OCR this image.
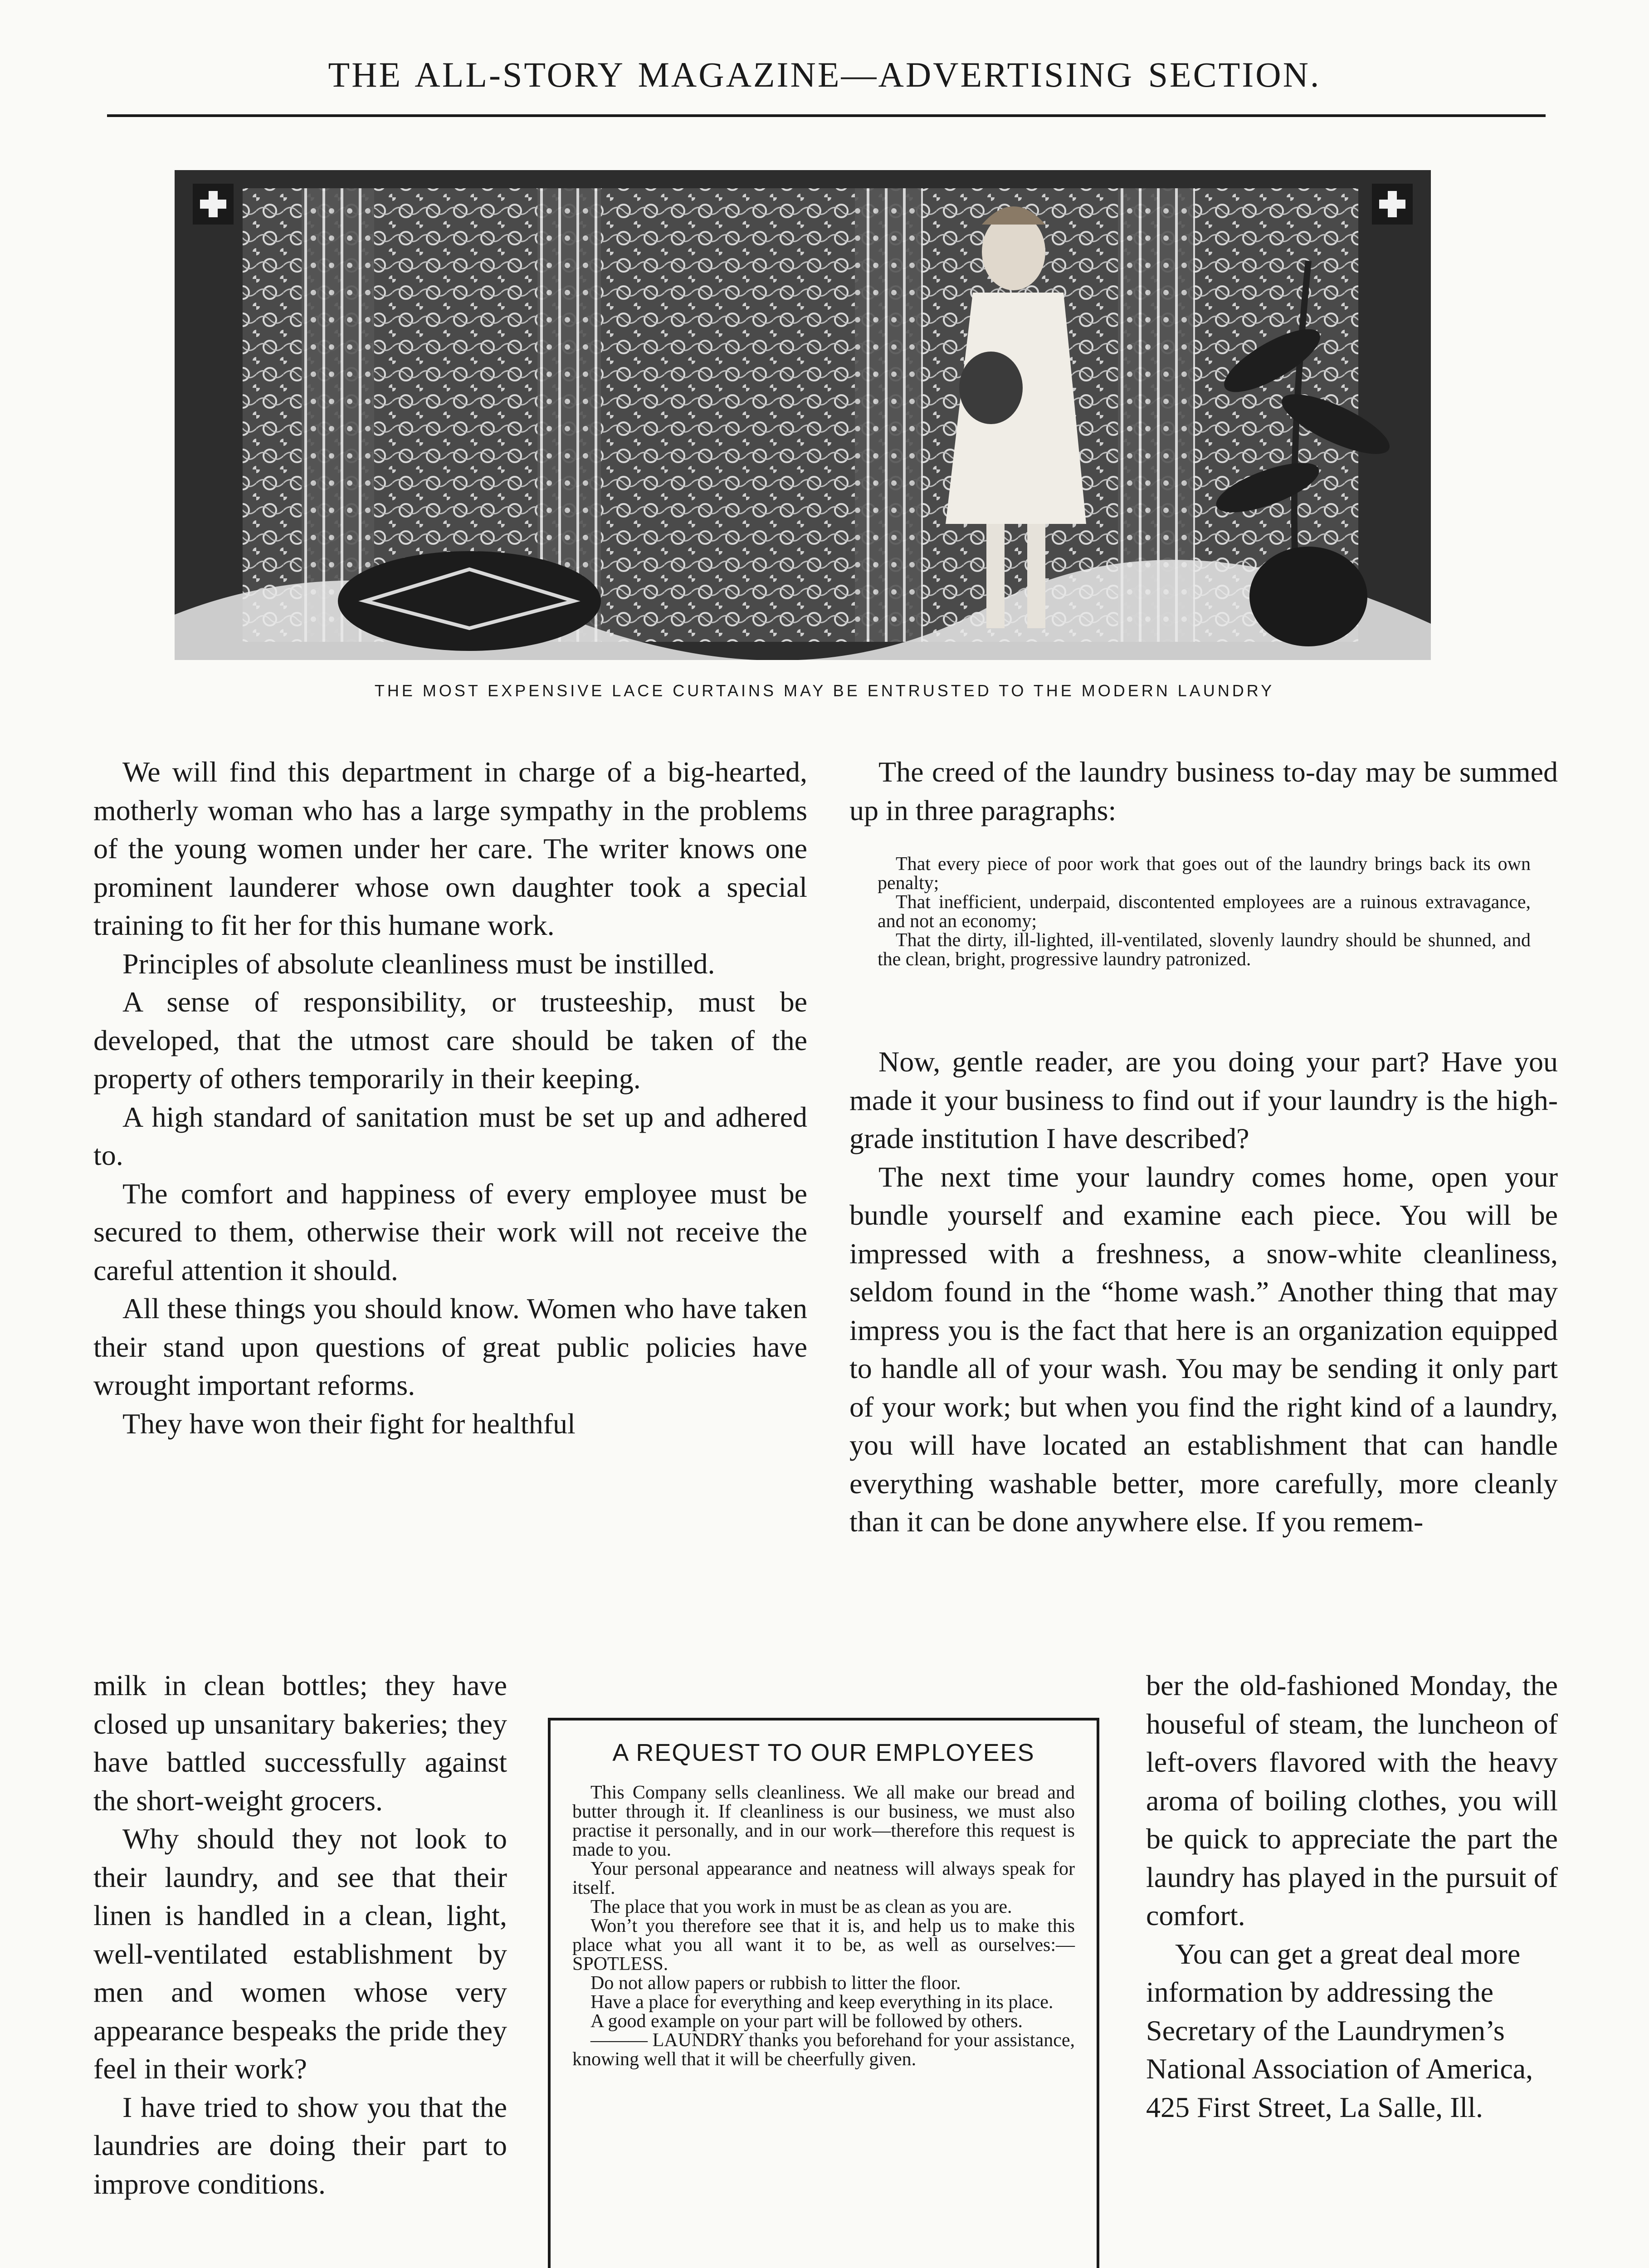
THE ALL-STORY MAGAZINE—ADVERTISING SECTION.
THE MOST EXPENSIVE LACE CURTAINS MAY BE ENTRUSTED TO THE MODERN LAUNDRY

We will find this department in charge of a big-hearted, motherly woman who has a large sympathy in the problems of the young women under her care. The writer knows one prominent launderer whose own daughter took a special training to fit her for this humane work.

Principles of absolute cleanliness must be instilled.

A sense of responsibility, or trusteeship, must be developed, that the utmost care should be taken of the property of others temporarily in their keeping.

A high standard of sanitation must be set up and adhered to.

The comfort and happiness of every employee must be secured to them, otherwise their work will not receive the careful attention it should.

All these things you should know. Women who have taken their stand upon questions of great public policies have wrought important reforms.

They have won their fight for healthful

milk in clean bottles; they have closed up unsanitary bakeries; they have battled successfully against the short-weight grocers.

Why should they not look to their laundry, and see that their linen is handled in a clean, light, well-ventilated establishment by men and women whose very appearance bespeaks the pride they feel in their work?

I have tried to show you that the laundries are doing their part to improve conditions.

The creed of the laundry business to-day may be summed up in three paragraphs:

Now, gentle reader, are you doing your part? Have you made it your business to find out if your laundry is the high-grade institution I have described?

The next time your laundry comes home, open your bundle yourself and examine each piece. You will be impressed with a freshness, a snow-white cleanliness, seldom found in the “home wash.” Another thing that may impress you is the fact that here is an organization equipped to handle all of your wash. You may be sending it only part of your work; but when you find the right kind of a laundry, you will have located an establishment that can handle everything washable better, more carefully, more cleanly than it can be done anywhere else. If you remem-

That every piece of poor work that goes out of the laundry brings back its own penalty;

That inefficient, underpaid, discontented employees are a ruinous extravagance, and not an economy;

That the dirty, ill-lighted, ill-ventilated, slovenly laundry should be shunned, and the clean, bright, progressive laundry patronized.

ber the old-fashioned Monday, the houseful of steam, the luncheon of left-overs flavored with the heavy aroma of boiling clothes, you will be quick to appreciate the part the laundry has played in the pursuit of comfort.

You can get a great deal more information by addressing the Secretary of the Laundrymen’s National Association of America, 425 First Street, La Salle, Ill.

A REQUEST TO OUR EMPLOYEES

This Company sells cleanliness. We all make our bread and butter through it. If cleanliness is our business, we must also practise it personally, and in our work—therefore this request is made to you.

Your personal appearance and neatness will always speak for itself.

The place that you work in must be as clean as you are.

Won’t you therefore see that it is, and help us to make this place what you all want it to be, as well as ourselves:—SPOTLESS.

Do not allow papers or rubbish to litter the floor.

Have a place for everything and keep everything in its place.

A good example on your part will be followed by others.

——— LAUNDRY thanks you beforehand for your assistance, knowing well that it will be cheerfully given.
